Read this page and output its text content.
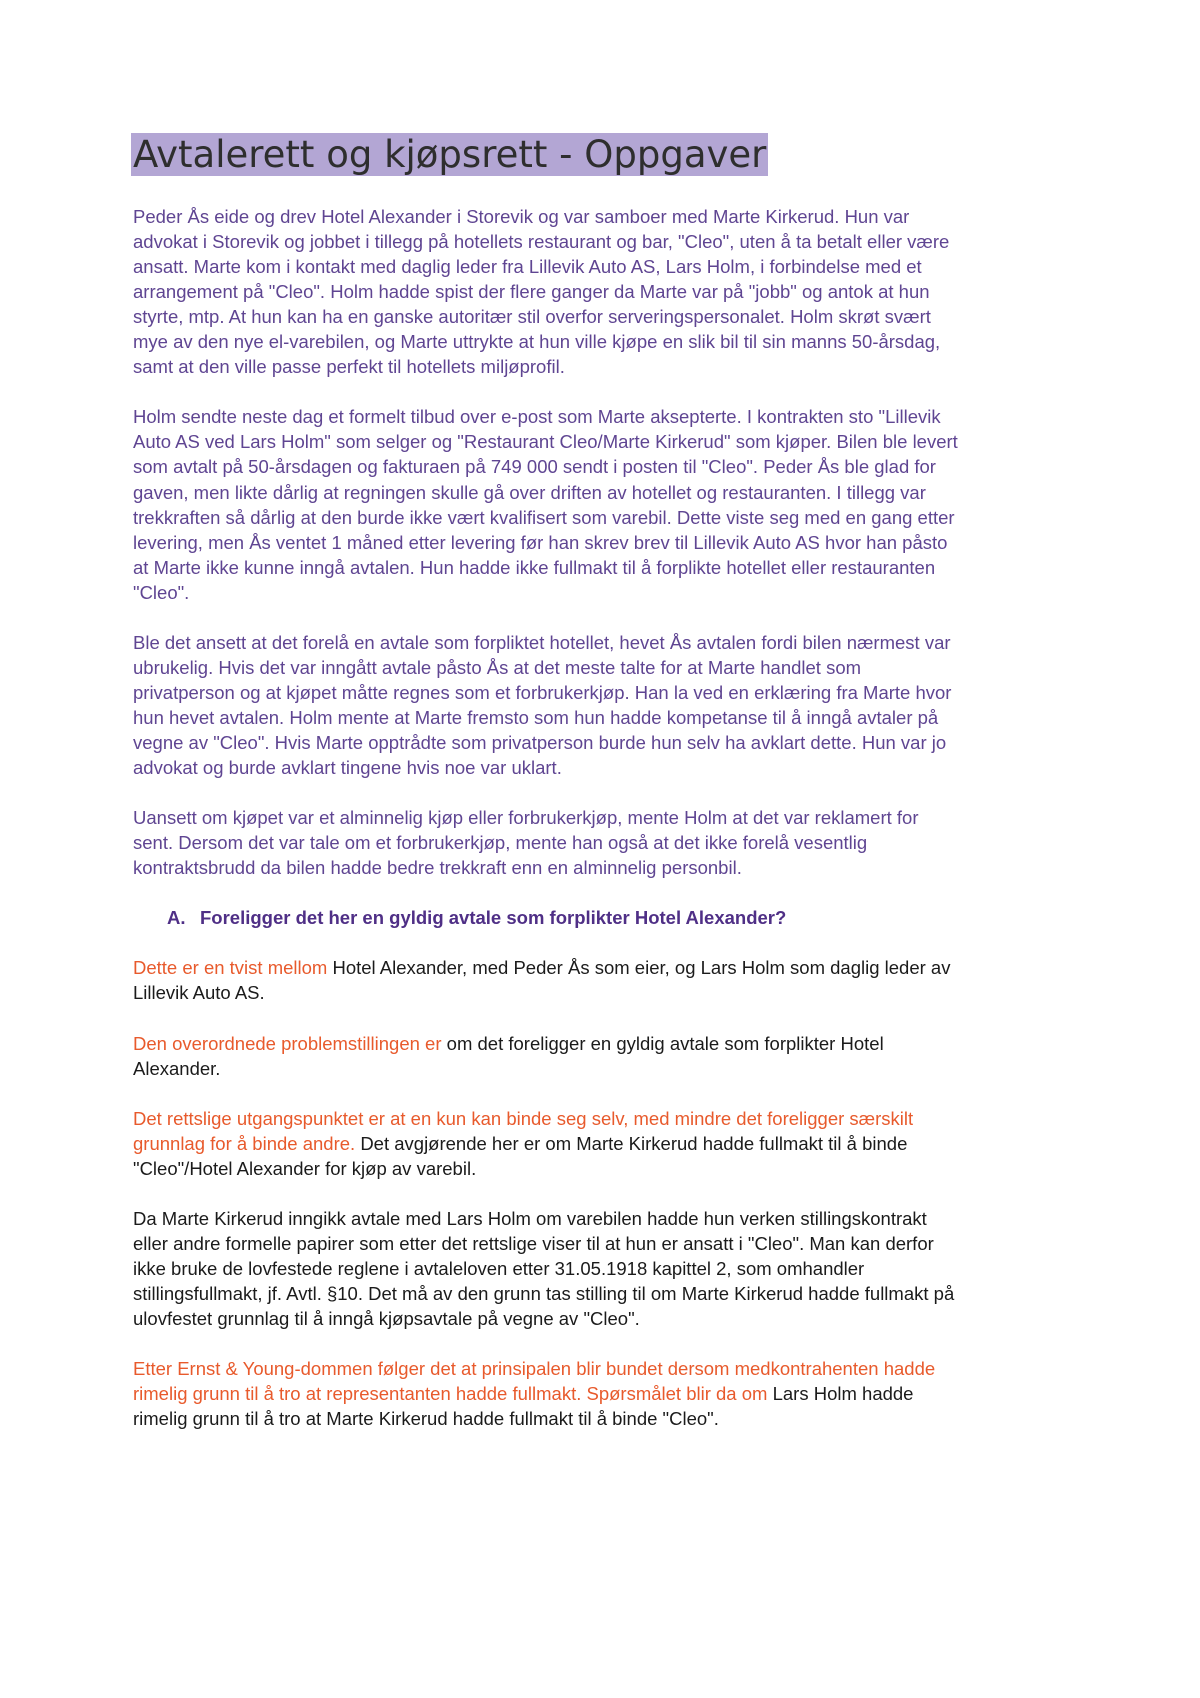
Avtalerett og kjøpsrett - Oppgaver
Peder Ås eide og drev Hotel Alexander i Storevik og var samboer med Marte Kirkerud. Hun var
advokat i Storevik og jobbet i tillegg på hotellets restaurant og bar, "Cleo", uten å ta betalt eller være
ansatt. Marte kom i kontakt med daglig leder fra Lillevik Auto AS, Lars Holm, i forbindelse med et
arrangement på "Cleo". Holm hadde spist der flere ganger da Marte var på "jobb" og antok at hun
styrte, mtp. At hun kan ha en ganske autoritær stil overfor serveringspersonalet. Holm skrøt svært
mye av den nye el-varebilen, og Marte uttrykte at hun ville kjøpe en slik bil til sin manns 50-årsdag,
samt at den ville passe perfekt til hotellets miljøprofil.
Holm sendte neste dag et formelt tilbud over e-post som Marte aksepterte. I kontrakten sto "Lillevik
Auto AS ved Lars Holm" som selger og "Restaurant Cleo/Marte Kirkerud" som kjøper. Bilen ble levert
som avtalt på 50-årsdagen og fakturaen på 749 000 sendt i posten til "Cleo". Peder Ås ble glad for
gaven, men likte dårlig at regningen skulle gå over driften av hotellet og restauranten. I tillegg var
trekkraften så dårlig at den burde ikke vært kvalifisert som varebil. Dette viste seg med en gang etter
levering, men Ås ventet 1 måned etter levering før han skrev brev til Lillevik Auto AS hvor han påsto
at Marte ikke kunne inngå avtalen. Hun hadde ikke fullmakt til å forplikte hotellet eller restauranten
"Cleo".
Ble det ansett at det forelå en avtale som forpliktet hotellet, hevet Ås avtalen fordi bilen nærmest var
ubrukelig. Hvis det var inngått avtale påsto Ås at det meste talte for at Marte handlet som
privatperson og at kjøpet måtte regnes som et forbrukerkjøp. Han la ved en erklæring fra Marte hvor
hun hevet avtalen. Holm mente at Marte fremsto som hun hadde kompetanse til å inngå avtaler på
vegne av "Cleo". Hvis Marte opptrådte som privatperson burde hun selv ha avklart dette. Hun var jo
advokat og burde avklart tingene hvis noe var uklart.
Uansett om kjøpet var et alminnelig kjøp eller forbrukerkjøp, mente Holm at det var reklamert for
sent. Dersom det var tale om et forbrukerkjøp, mente han også at det ikke forelå vesentlig
kontraktsbrudd da bilen hadde bedre trekkraft enn en alminnelig personbil.
A. Foreligger det her en gyldig avtale som forplikter Hotel Alexander?
Dette er en tvist mellom Hotel Alexander, med Peder Ås som eier, og Lars Holm som daglig leder av
Lillevik Auto AS.
Den overordnede problemstillingen er om det foreligger en gyldig avtale som forplikter Hotel
Alexander.
Det rettslige utgangspunktet er at en kun kan binde seg selv, med mindre det foreligger særskilt
grunnlag for å binde andre. Det avgjørende her er om Marte Kirkerud hadde fullmakt til å binde
"Cleo"/Hotel Alexander for kjøp av varebil.
Da Marte Kirkerud inngikk avtale med Lars Holm om varebilen hadde hun verken stillingskontrakt
eller andre formelle papirer som etter det rettslige viser til at hun er ansatt i "Cleo". Man kan derfor
ikke bruke de lovfestede reglene i avtaleloven etter 31.05.1918 kapittel 2, som omhandler
stillingsfullmakt, jf. Avtl. §10. Det må av den grunn tas stilling til om Marte Kirkerud hadde fullmakt på
ulovfestet grunnlag til å inngå kjøpsavtale på vegne av "Cleo".
Etter Ernst & Young-dommen følger det at prinsipalen blir bundet dersom medkontrahenten hadde
rimelig grunn til å tro at representanten hadde fullmakt. Spørsmålet blir da om Lars Holm hadde
rimelig grunn til å tro at Marte Kirkerud hadde fullmakt til å binde "Cleo".
